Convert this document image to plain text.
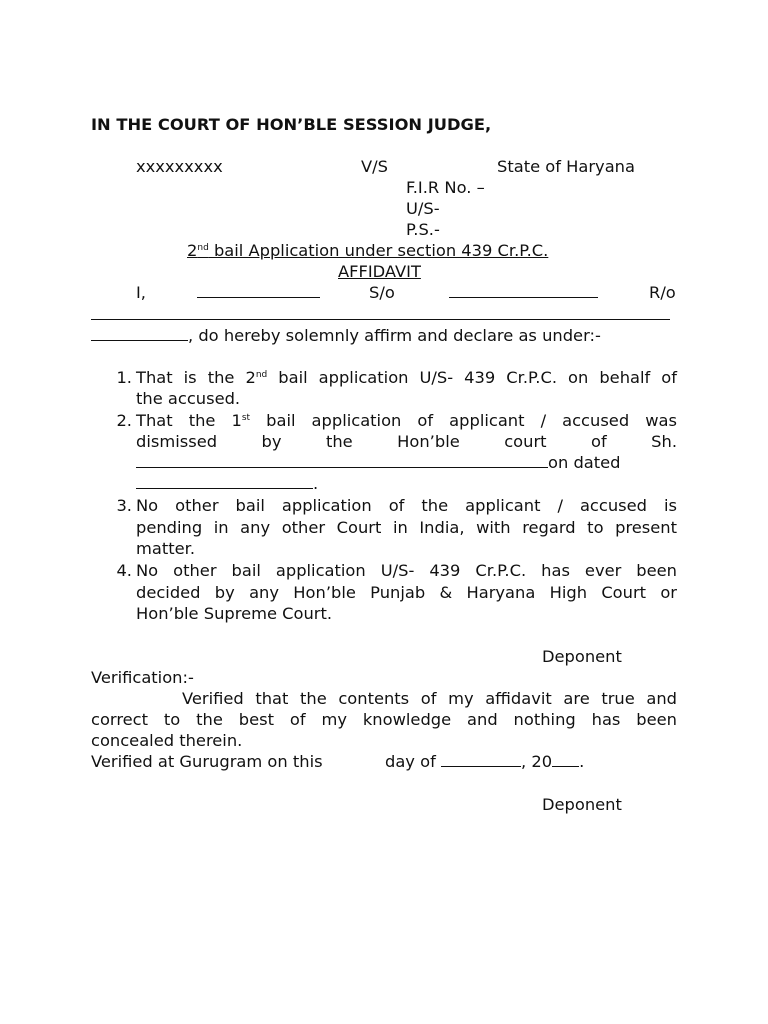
IN THE COURT OF HON’BLE SESSION JUDGE,
xxxxxxxxx	V/S	State of Haryana
F.I.R No. –
U/S-
P.S.-
2nd bail Application under section 439 Cr.P.C.
AFFIDAVIT
I,	S/o	R/o
, do hereby solemnly affirm and declare as under:-
1. That is the 2nd bail application U/S- 439 Cr.P.C. on behalf of
the accused.
2. That the 1st bail application of applicant / accused was
dismissed by the Hon’ble court of Sh.
on dated
.
3. No other bail application of the applicant / accused is
pending in any other Court in India, with regard to present
matter.
4. No other bail application U/S- 439 Cr.P.C. has ever been
decided by any Hon’ble Punjab & Haryana High Court or
Hon’ble Supreme Court.
Deponent
Verification:-
Verified that the contents of my affidavit are true and
correct to the best of my knowledge and nothing has been
concealed therein.
Verified at Gurugram on this	day of	, 20 .
Deponent
